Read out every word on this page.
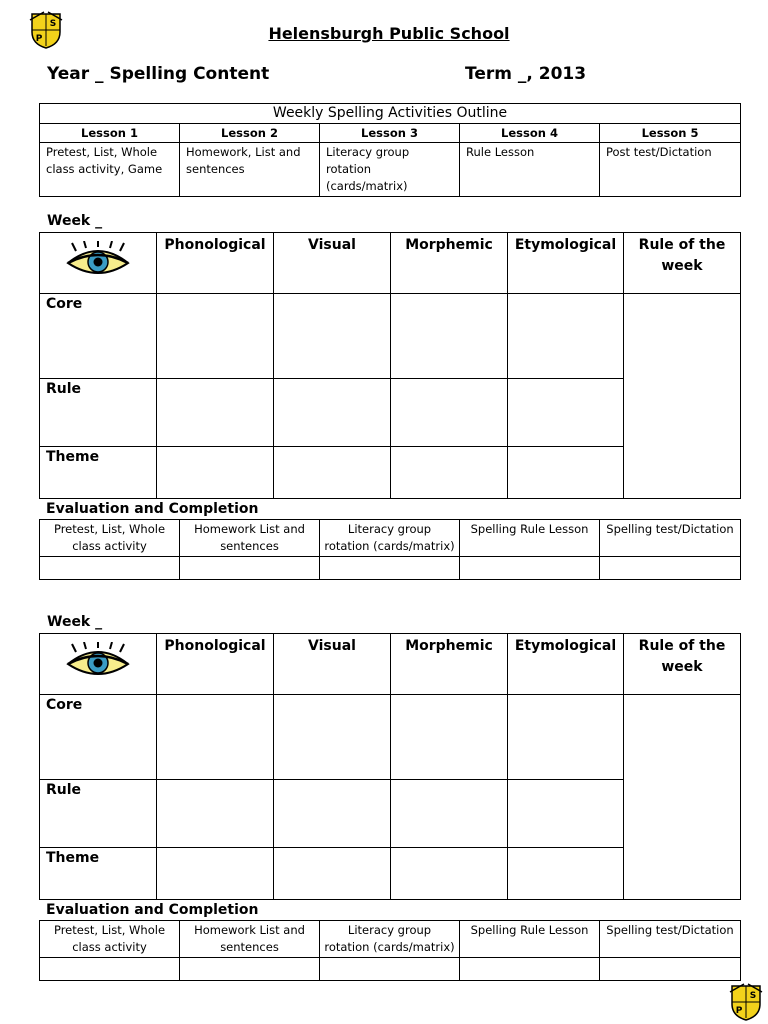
S
P	Helensburgh Public School
Year _ Spelling Content	Term _, 2013
Weekly Spelling Activities Outline				
Lesson 1	Lesson 2	Lesson 3	Lesson 4	Lesson 5
Pretest, List, Whole class activity, Game	Homework, List and sentences	Literacy group rotation (cards/matrix)	Rule Lesson	Post test/Dictation
Week _
	Phonological	Visual	Morphemic	Etymological	Rule of the week
Core					
Rule					
Theme					
Evaluation and Completion
Pretest, List, Whole class activity	Homework List and sentences	Literacy group rotation (cards/matrix)	Spelling Rule Lesson	Spelling test/Dictation

Week _
	Phonological	Visual	Morphemic	Etymological	Rule of the week
Core					
Rule					
Theme					
Evaluation and Completion
Pretest, List, Whole class activity	Homework List and sentences	Literacy group rotation (cards/matrix)	Spelling Rule Lesson	Spelling test/Dictation

S
P
